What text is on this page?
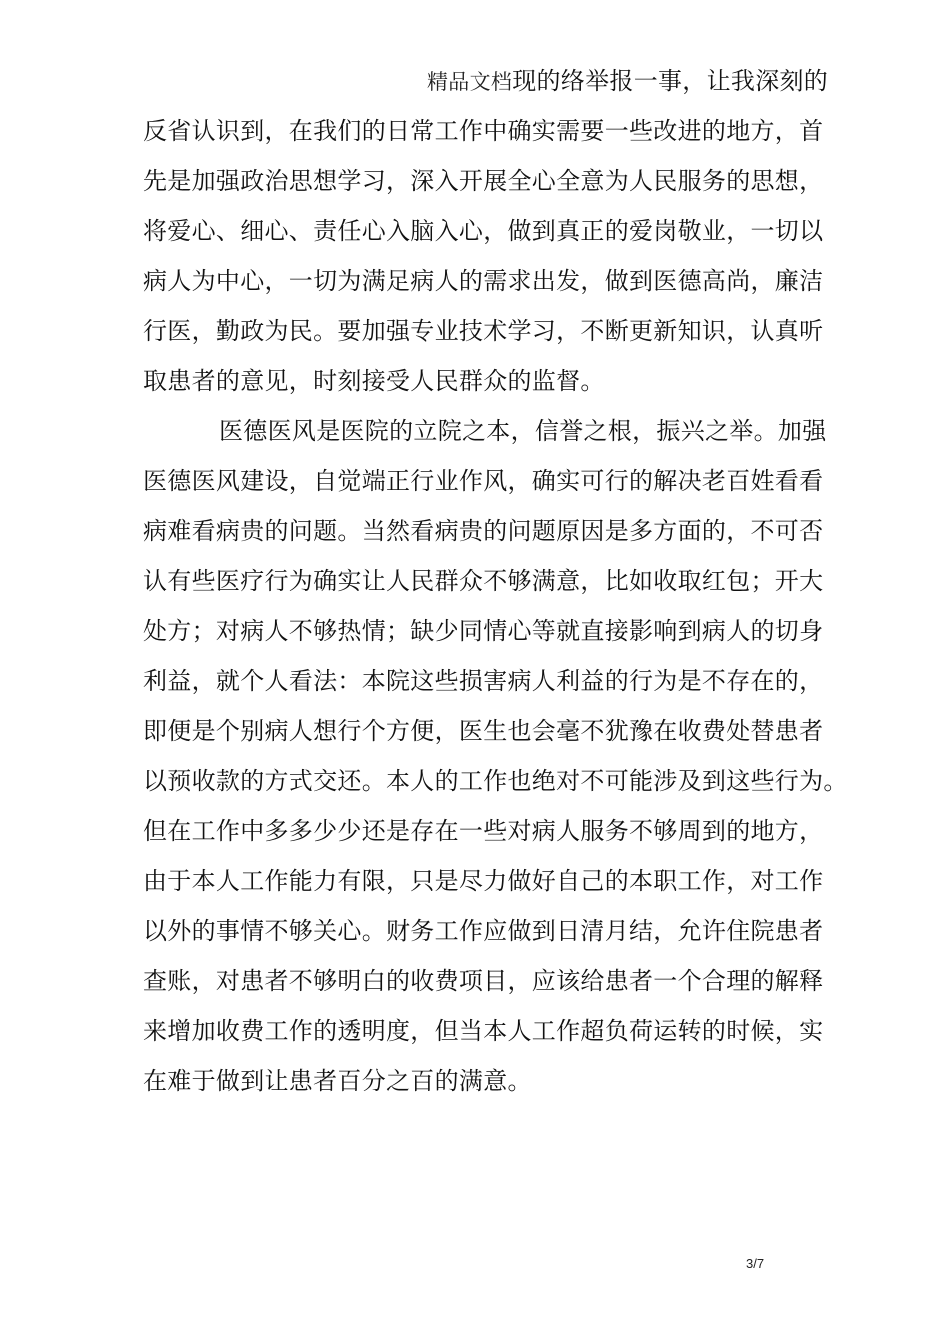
精品文档现的络举报一事，让我深刻的
反省认识到，在我们的日常工作中确实需要一些改进的地方，首
先是加强政治思想学习，深入开展全心全意为人民服务的思想，
将爱心、细心、责任心入脑入心，做到真正的爱岗敬业，一切以
病人为中心，一切为满足病人的需求出发，做到医德高尚，廉洁
行医，勤政为民。要加强专业技术学习，不断更新知识，认真听
取患者的意见，时刻接受人民群众的监督。
医德医风是医院的立院之本，信誉之根，振兴之举。加强
医德医风建设，自觉端正行业作风，确实可行的解决老百姓看看
病难看病贵的问题。当然看病贵的问题原因是多方面的，不可否
认有些医疗行为确实让人民群众不够满意，比如收取红包；开大
处方；对病人不够热情；缺少同情心等就直接影响到病人的切身
利益，就个人看法：本院这些损害病人利益的行为是不存在的，
即便是个别病人想行个方便，医生也会毫不犹豫在收费处替患者
以预收款的方式交还。本人的工作也绝对不可能涉及到这些行为。
但在工作中多多少少还是存在一些对病人服务不够周到的地方，
由于本人工作能力有限，只是尽力做好自己的本职工作，对工作
以外的事情不够关心。财务工作应做到日清月结，允许住院患者
查账，对患者不够明白的收费项目，应该给患者一个合理的解释
来增加收费工作的透明度，但当本人工作超负荷运转的时候，实
在难于做到让患者百分之百的满意。
3/7
